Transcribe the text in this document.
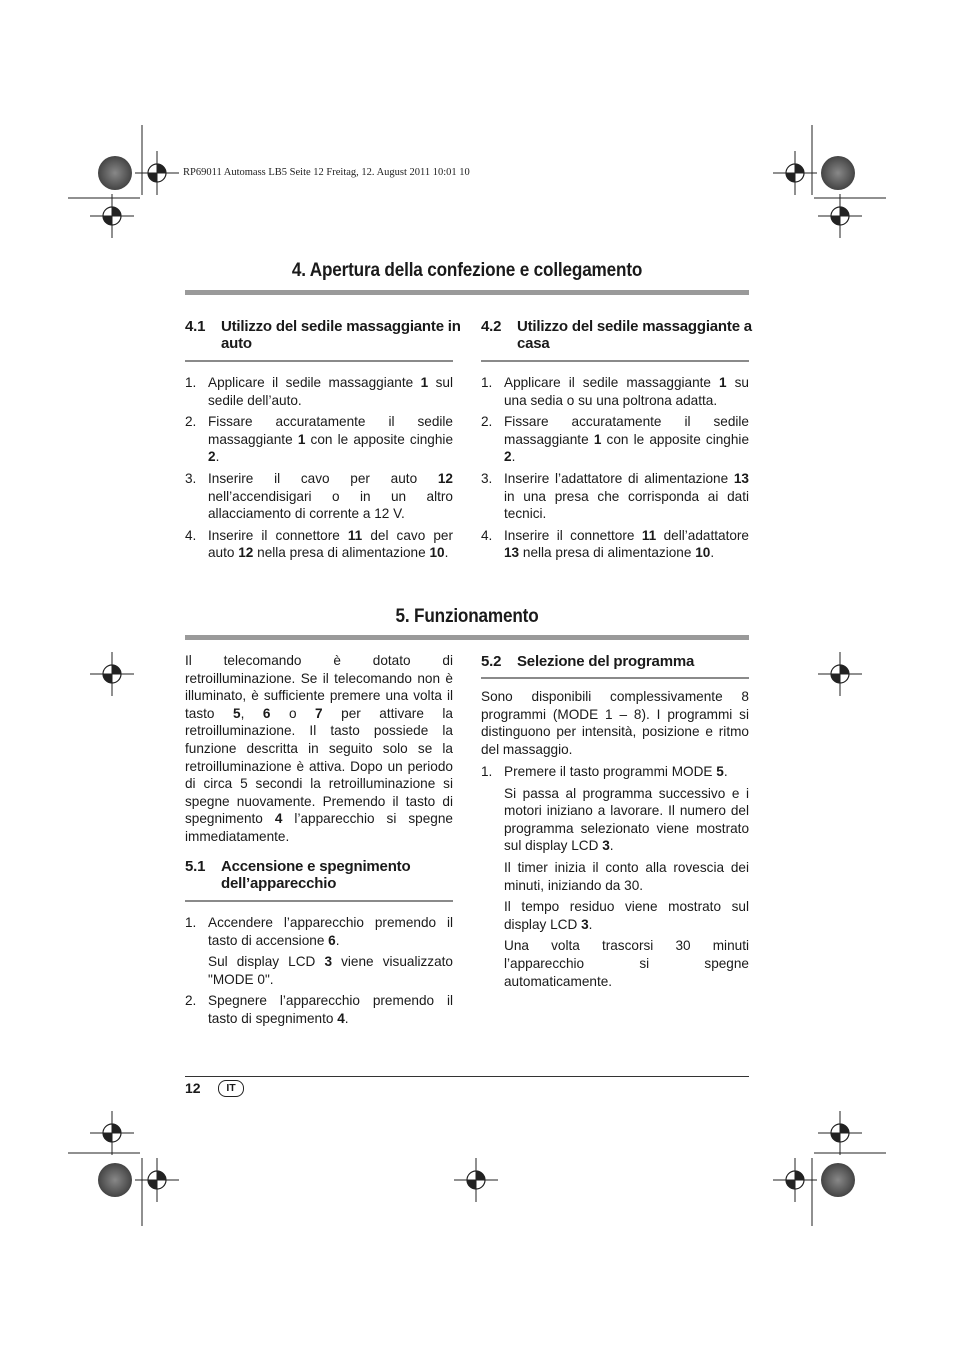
RP69011 Automass LB5 Seite 12 Freitag, 12. August 2011 10:01 10
4. Apertura della confezione e collegamento
4.1 Utilizzo del sedile massaggiante in auto
1. Applicare il sedile massaggiante 1 sul sedile dell’auto.
2. Fissare accuratamente il sedile massaggiante 1 con le apposite cinghie 2.
3. Inserire il cavo per auto 12 nell’accendisigari o in un altro allacciamento di corrente a 12 V.
4. Inserire il connettore 11 del cavo per auto 12 nella presa di alimentazione 10.
4.2 Utilizzo del sedile massaggiante a casa
1. Applicare il sedile massaggiante 1 su una sedia o su una poltrona adatta.
2. Fissare accuratamente il sedile massaggiante 1 con le apposite cinghie 2.
3. Inserire l’adattatore di alimentazione 13 in una presa che corrisponda ai dati tecnici.
4. Inserire il connettore 11 dell’adattatore 13 nella presa di alimentazione 10.
5. Funzionamento
Il telecomando è dotato di retroilluminazione. Se il telecomando non è illuminato, è sufficiente premere una volta il tasto 5, 6 o 7 per attivare la retroilluminazione. Il tasto possiede la funzione descritta in seguito solo se la retroilluminazione è attiva. Dopo un periodo di circa 5 secondi la retroilluminazione si spegne nuovamente. Premendo il tasto di spegnimento 4 l’apparecchio si spegne immediatamente.
5.1 Accensione e spegnimento dell’apparecchio
1. Accendere l’apparecchio premendo il tasto di accensione 6.
Sul display LCD 3 viene visualizzato "MODE 0".
2. Spegnere l’apparecchio premendo il tasto di spegnimento 4.
5.2 Selezione del programma
Sono disponibili complessivamente 8 programmi (MODE 1 – 8). I programmi si distinguono per intensità, posizione e ritmo del massaggio.
1. Premere il tasto programmi MODE 5.
Si passa al programma successivo e i motori iniziano a lavorare. Il numero del programma selezionato viene mostrato sul display LCD 3.
Il timer inizia il conto alla rovescia dei minuti, iniziando da 30.
Il tempo residuo viene mostrato sul display LCD 3.
Una volta trascorsi 30 minuti l’apparecchio si spegne automaticamente.
12	IT
